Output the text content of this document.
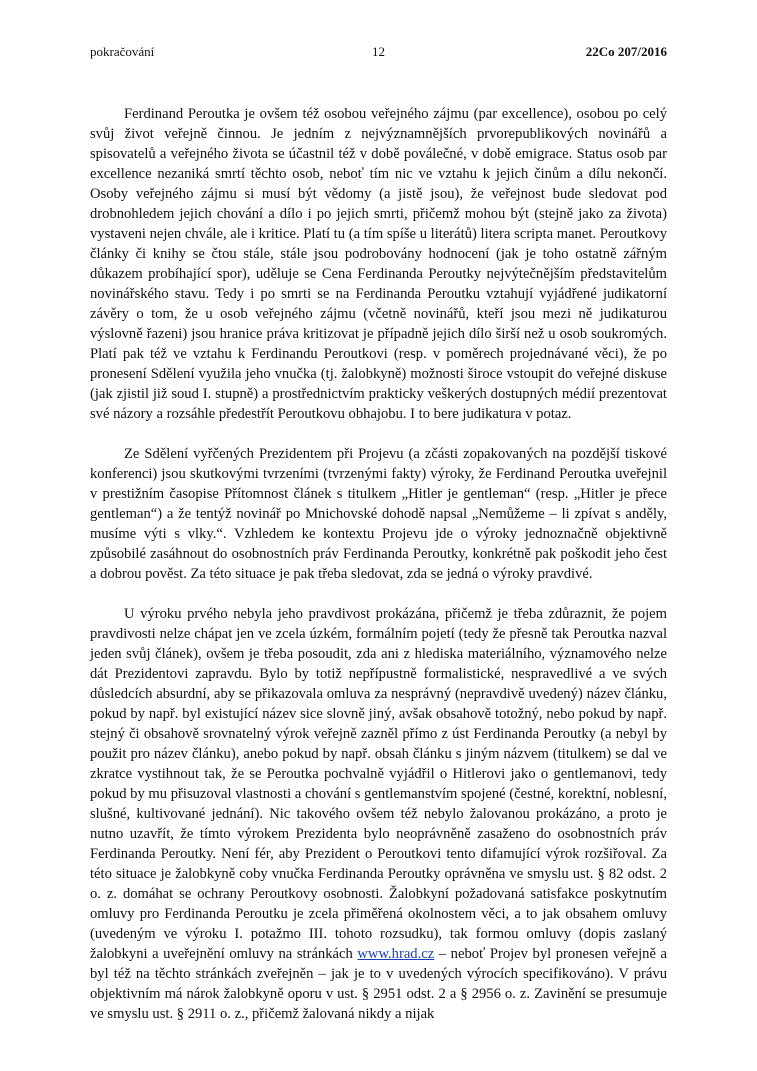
pokračování	12	22Co 207/2016

Ferdinand Peroutka je ovšem též osobou veřejného zájmu (par excellence), osobou po celý svůj život veřejně činnou. Je jedním z nejvýznamnějších prvorepublikových novinářů a spisovatelů a veřejného života se účastnil též v době poválečné, v době emigrace. Status osob par excellence nezaniká smrtí těchto osob, neboť tím nic ve vztahu k jejich činům a dílu nekončí. Osoby veřejného zájmu si musí být vědomy (a jistě jsou), že veřejnost bude sledovat pod drobnohledem jejich chování a dílo i po jejich smrti, přičemž mohou být (stejně jako za života) vystaveni nejen chvále, ale i kritice. Platí tu (a tím spíše u literátů) litera scripta manet. Peroutkovy články či knihy se čtou stále, stále jsou podrobovány hodnocení (jak je toho ostatně zářným důkazem probíhající spor), uděluje se Cena Ferdinanda Peroutky nejvýtečnějším představitelům novinářského stavu. Tedy i po smrti se na Ferdinanda Peroutku vztahují vyjádřené judikatorní závěry o tom, že u osob veřejného zájmu (včetně novinářů, kteří jsou mezi ně judikaturou výslovně řazeni) jsou hranice práva kritizovat je případně jejich dílo širší než u osob soukromých. Platí pak též ve vztahu k Ferdinandu Peroutkovi (resp. v poměrech projednávané věci), že po pronesení Sdělení využila jeho vnučka (tj. žalobkyně) možnosti široce vstoupit do veřejné diskuse (jak zjistil již soud I. stupně) a prostřednictvím prakticky veškerých dostupných médií prezentovat své názory a rozsáhle předestřít Peroutkovu obhajobu. I to bere judikatura v potaz.

Ze Sdělení vyřčených Prezidentem při Projevu (a zčásti zopakovaných na pozdější tiskové konferenci) jsou skutkovými tvrzeními (tvrzenými fakty) výroky, že Ferdinand Peroutka uveřejnil v prestižním časopise Přítomnost článek s titulkem „Hitler je gentleman“ (resp. „Hitler je přece gentleman“) a že tentýž novinář po Mnichovské dohodě napsal „Nemůžeme – li zpívat s anděly, musíme výti s vlky.“. Vzhledem ke kontextu Projevu jde o výroky jednoznačně objektivně způsobilé zasáhnout do osobnostních práv Ferdinanda Peroutky, konkrétně pak poškodit jeho čest a dobrou pověst. Za této situace je pak třeba sledovat, zda se jedná o výroky pravdivé.

U výroku prvého nebyla jeho pravdivost prokázána, přičemž je třeba zdůraznit, že pojem pravdivosti nelze chápat jen ve zcela úzkém, formálním pojetí (tedy že přesně tak Peroutka nazval jeden svůj článek), ovšem je třeba posoudit, zda ani z hlediska materiálního, významového nelze dát Prezidentovi zapravdu. Bylo by totiž nepřípustně formalistické, nespravedlivé a ve svých důsledcích absurdní, aby se přikazovala omluva za nesprávný (nepravdivě uvedený) název článku, pokud by např. byl existující název sice slovně jiný, avšak obsahově totožný, nebo pokud by např. stejný či obsahově srovnatelný výrok veřejně zazněl přímo z úst Ferdinanda Peroutky (a nebyl by použit pro název článku), anebo pokud by např. obsah článku s jiným názvem (titulkem) se dal ve zkratce vystihnout tak, že se Peroutka pochvalně vyjádřil o Hitlerovi jako o gentlemanovi, tedy pokud by mu přisuzoval vlastnosti a chování s gentlemanstvím spojené (čestné, korektní, noblesní, slušné, kultivované jednání). Nic takového ovšem též nebylo žalovanou prokázáno, a proto je nutno uzavřít, že tímto výrokem Prezidenta bylo neoprávněně zasaženo do osobnostních práv Ferdinanda Peroutky. Není fér, aby Prezident o Peroutkovi tento difamující výrok rozšiřoval. Za této situace je žalobkyně coby vnučka Ferdinanda Peroutky oprávněna ve smyslu ust. § 82 odst. 2 o. z. domáhat se ochrany Peroutkovy osobnosti. Žalobkyní požadovaná satisfakce poskytnutím omluvy pro Ferdinanda Peroutku je zcela přiměřená okolnostem věci, a to jak obsahem omluvy (uvedeným ve výroku I. potažmo III. tohoto rozsudku), tak formou omluvy (dopis zaslaný žalobkyni a uveřejnění omluvy na stránkách www.hrad.cz – neboť Projev byl pronesen veřejně a byl též na těchto stránkách zveřejněn – jak je to v uvedených výrocích specifikováno). V právu objektivním má nárok žalobkyně oporu v ust. § 2951 odst. 2 a § 2956 o. z. Zavinění se presumuje ve smyslu ust. § 2911 o. z., přičemž žalovaná nikdy a nijak
